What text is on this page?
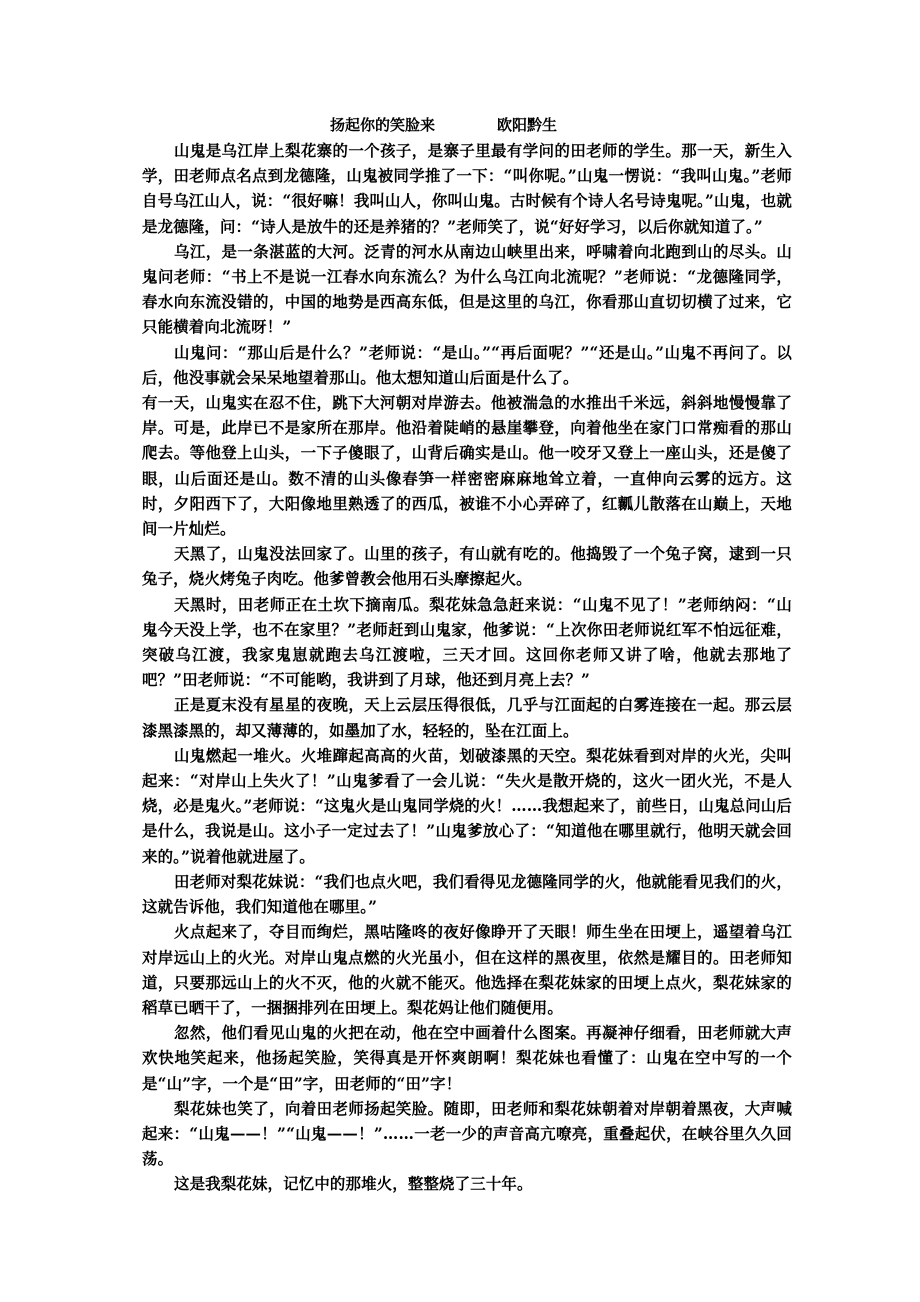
扬起你的笑脸来	欧阳黔生

山鬼是乌江岸上梨花寨的一个孩子，是寨子里最有学问的田老师的学生。那一天，新生入学，田老师点名点到龙德隆，山鬼被同学推了一下：“叫你呢。”山鬼一愣说：“我叫山鬼。”老师自号乌江山人，说：“很好嘛！我叫山人，你叫山鬼。古时候有个诗人名号诗鬼呢。”山鬼，也就是龙德隆，问：“诗人是放牛的还是养猪的？”老师笑了，说“好好学习，以后你就知道了。”

乌江，是一条湛蓝的大河。泛青的河水从南边山峡里出来，呼啸着向北跑到山的尽头。山鬼问老师：“书上不是说一江春水向东流么？为什么乌江向北流呢？”老师说：“龙德隆同学，春水向东流没错的，中国的地势是西高东低，但是这里的乌江，你看那山直切切横了过来，它只能横着向北流呀！”

山鬼问：“那山后是什么？”老师说：“是山。”“再后面呢？”“还是山。”山鬼不再问了。以后，他没事就会呆呆地望着那山。他太想知道山后面是什么了。

有一天，山鬼实在忍不住，跳下大河朝对岸游去。他被湍急的水推出千米远，斜斜地慢慢靠了岸。可是，此岸已不是家所在那岸。他沿着陡峭的悬崖攀登，向着他坐在家门口常痴看的那山爬去。等他登上山头，一下子傻眼了，山背后确实是山。他一咬牙又登上一座山头，还是傻了眼，山后面还是山。数不清的山头像春笋一样密密麻麻地耸立着，一直伸向云雾的远方。这时，夕阳西下了，大阳像地里熟透了的西瓜，被谁不小心弄碎了，红瓤儿散落在山巅上，天地间一片灿烂。

天黑了，山鬼没法回家了。山里的孩子，有山就有吃的。他捣毁了一个兔子窝，逮到一只兔子，烧火烤兔子肉吃。他爹曾教会他用石头摩擦起火。

天黑时，田老师正在土坎下摘南瓜。梨花妹急急赶来说：“山鬼不见了！”老师纳闷：“山鬼今天没上学，也不在家里？”老师赶到山鬼家，他爹说：“上次你田老师说红军不怕远征难，突破乌江渡，我家鬼崽就跑去乌江渡啦，三天才回。这回你老师又讲了啥，他就去那地了吧？”田老师说：“不可能哟，我讲到了月球，他还到月亮上去？”

正是夏末没有星星的夜晚，天上云层压得很低，几乎与江面起的白雾连接在一起。那云层漆黑漆黑的，却又薄薄的，如墨加了水，轻轻的，坠在江面上。

山鬼燃起一堆火。火堆蹿起高高的火苗，划破漆黑的天空。梨花妹看到对岸的火光，尖叫起来：“对岸山上失火了！”山鬼爹看了一会儿说：“失火是散开烧的，这火一团火光，不是人烧，必是鬼火。”老师说：“这鬼火是山鬼同学烧的火！……我想起来了，前些日，山鬼总问山后是什么，我说是山。这小子一定过去了！”山鬼爹放心了：“知道他在哪里就行，他明天就会回来的。”说着他就进屋了。

田老师对梨花妹说：“我们也点火吧，我们看得见龙德隆同学的火，他就能看见我们的火，这就告诉他，我们知道他在哪里。”

火点起来了，夺目而绚烂，黑咕隆咚的夜好像睁开了天眼！师生坐在田埂上，遥望着乌江对岸远山上的火光。对岸山鬼点燃的火光虽小，但在这样的黑夜里，依然是耀目的。田老师知道，只要那远山上的火不灭，他的火就不能灭。他选择在梨花妹家的田埂上点火，梨花妹家的稻草已晒干了，一捆捆排列在田埂上。梨花妈让他们随便用。

忽然，他们看见山鬼的火把在动，他在空中画着什么图案。再凝神仔细看，田老师就大声欢快地笑起来，他扬起笑脸，笑得真是开怀爽朗啊！梨花妹也看懂了：山鬼在空中写的一个是“山”字，一个是“田”字，田老师的“田”字！

梨花妹也笑了，向着田老师扬起笑脸。随即，田老师和梨花妹朝着对岸朝着黑夜，大声喊起来：“山鬼——！”“山鬼——！”……一老一少的声音高亢嘹亮，重叠起伏，在峡谷里久久回荡。

这是我梨花妹，记忆中的那堆火，整整烧了三十年。
